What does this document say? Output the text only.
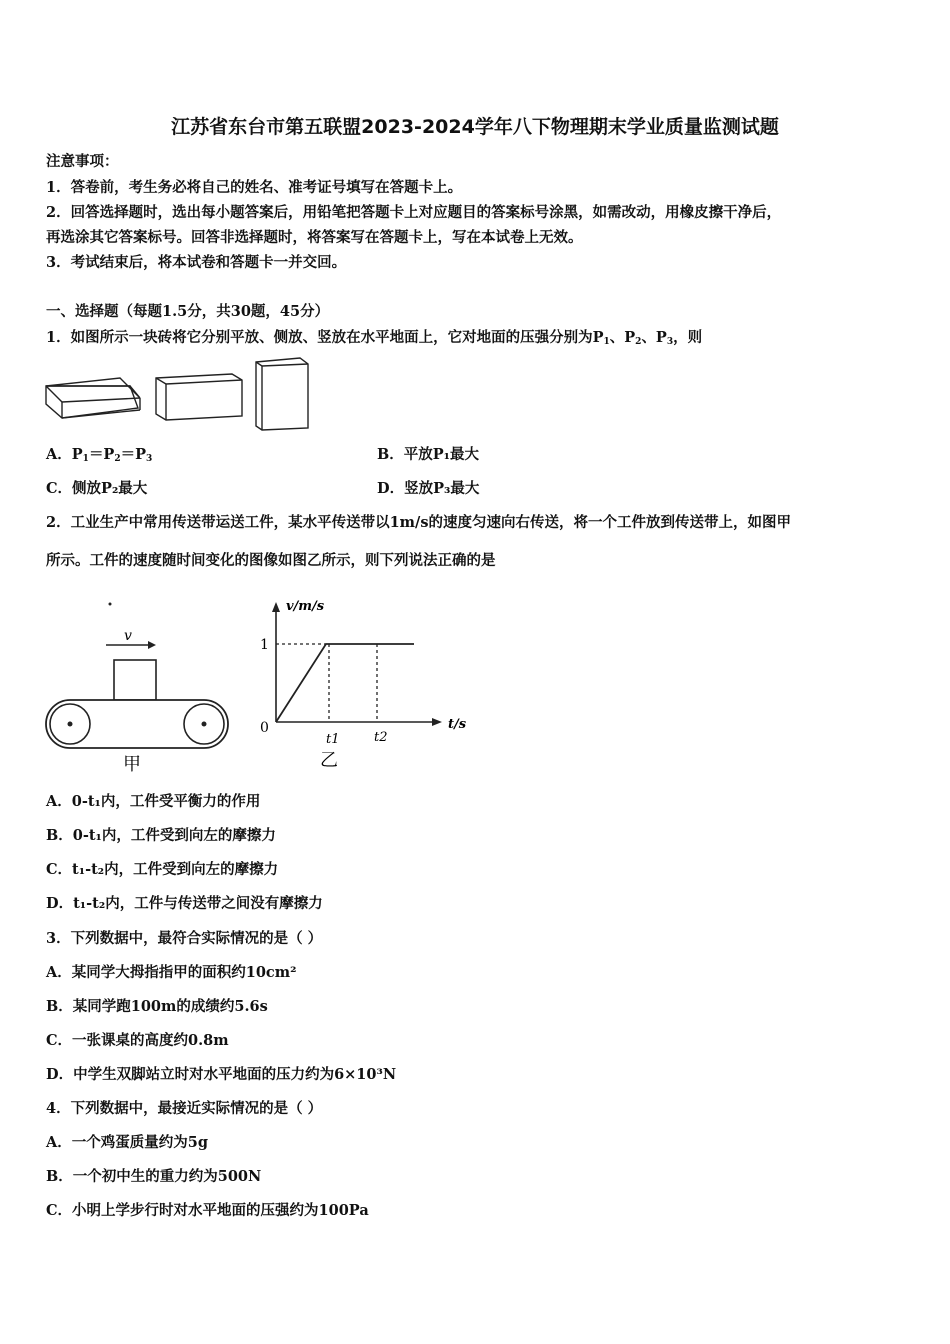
江苏省东台市第五联盟2023-2024学年八下物理期末学业质量监测试题
注意事项：
1．答卷前，考生务必将自己的姓名、准考证号填写在答题卡上。
2．回答选择题时，选出每小题答案后，用铅笔把答题卡上对应题目的答案标号涂黑，如需改动，用橡皮擦干净后，
再选涂其它答案标号。回答非选择题时，将答案写在答题卡上，写在本试卷上无效。
3．考试结束后，将本试卷和答题卡一并交回。
一、选择题（每题1.5分，共30题，45分）
1．如图所示一块砖将它分别平放、侧放、竖放在水平地面上，它对地面的压强分别为$P_1$、$P_2$、$P_3$，则
A．$P_1=P_2=P_3$	B．平放P₁最大
C．侧放P₂最大	D．竖放P₃最大
2．工业生产中常用传送带运送工件，某水平传送带以1m/s的速度匀速向右传送，将一个工件放到传送带上，如图甲
所示。工件的速度随时间变化的图像如图乙所示，则下列说法正确的是
v
甲
v/m/s
t/s
1
0
t1	t2
乙
A．0-t₁内，工件受平衡力的作用
B．0-t₁内，工件受到向左的摩擦力
C．t₁-t₂内，工件受到向左的摩擦力
D．t₁-t₂内，工件与传送带之间没有摩擦力
3．下列数据中，最符合实际情况的是（ ）
A．某同学大拇指指甲的面积约10cm²
B．某同学跑100m的成绩约5.6s
C．一张课桌的高度约0.8m
D．中学生双脚站立时对水平地面的压力约为6×10³N
4．下列数据中，最接近实际情况的是（ ）
A．一个鸡蛋质量约为5g
B．一个初中生的重力约为500N
C．小明上学步行时对水平地面的压强约为100Pa
